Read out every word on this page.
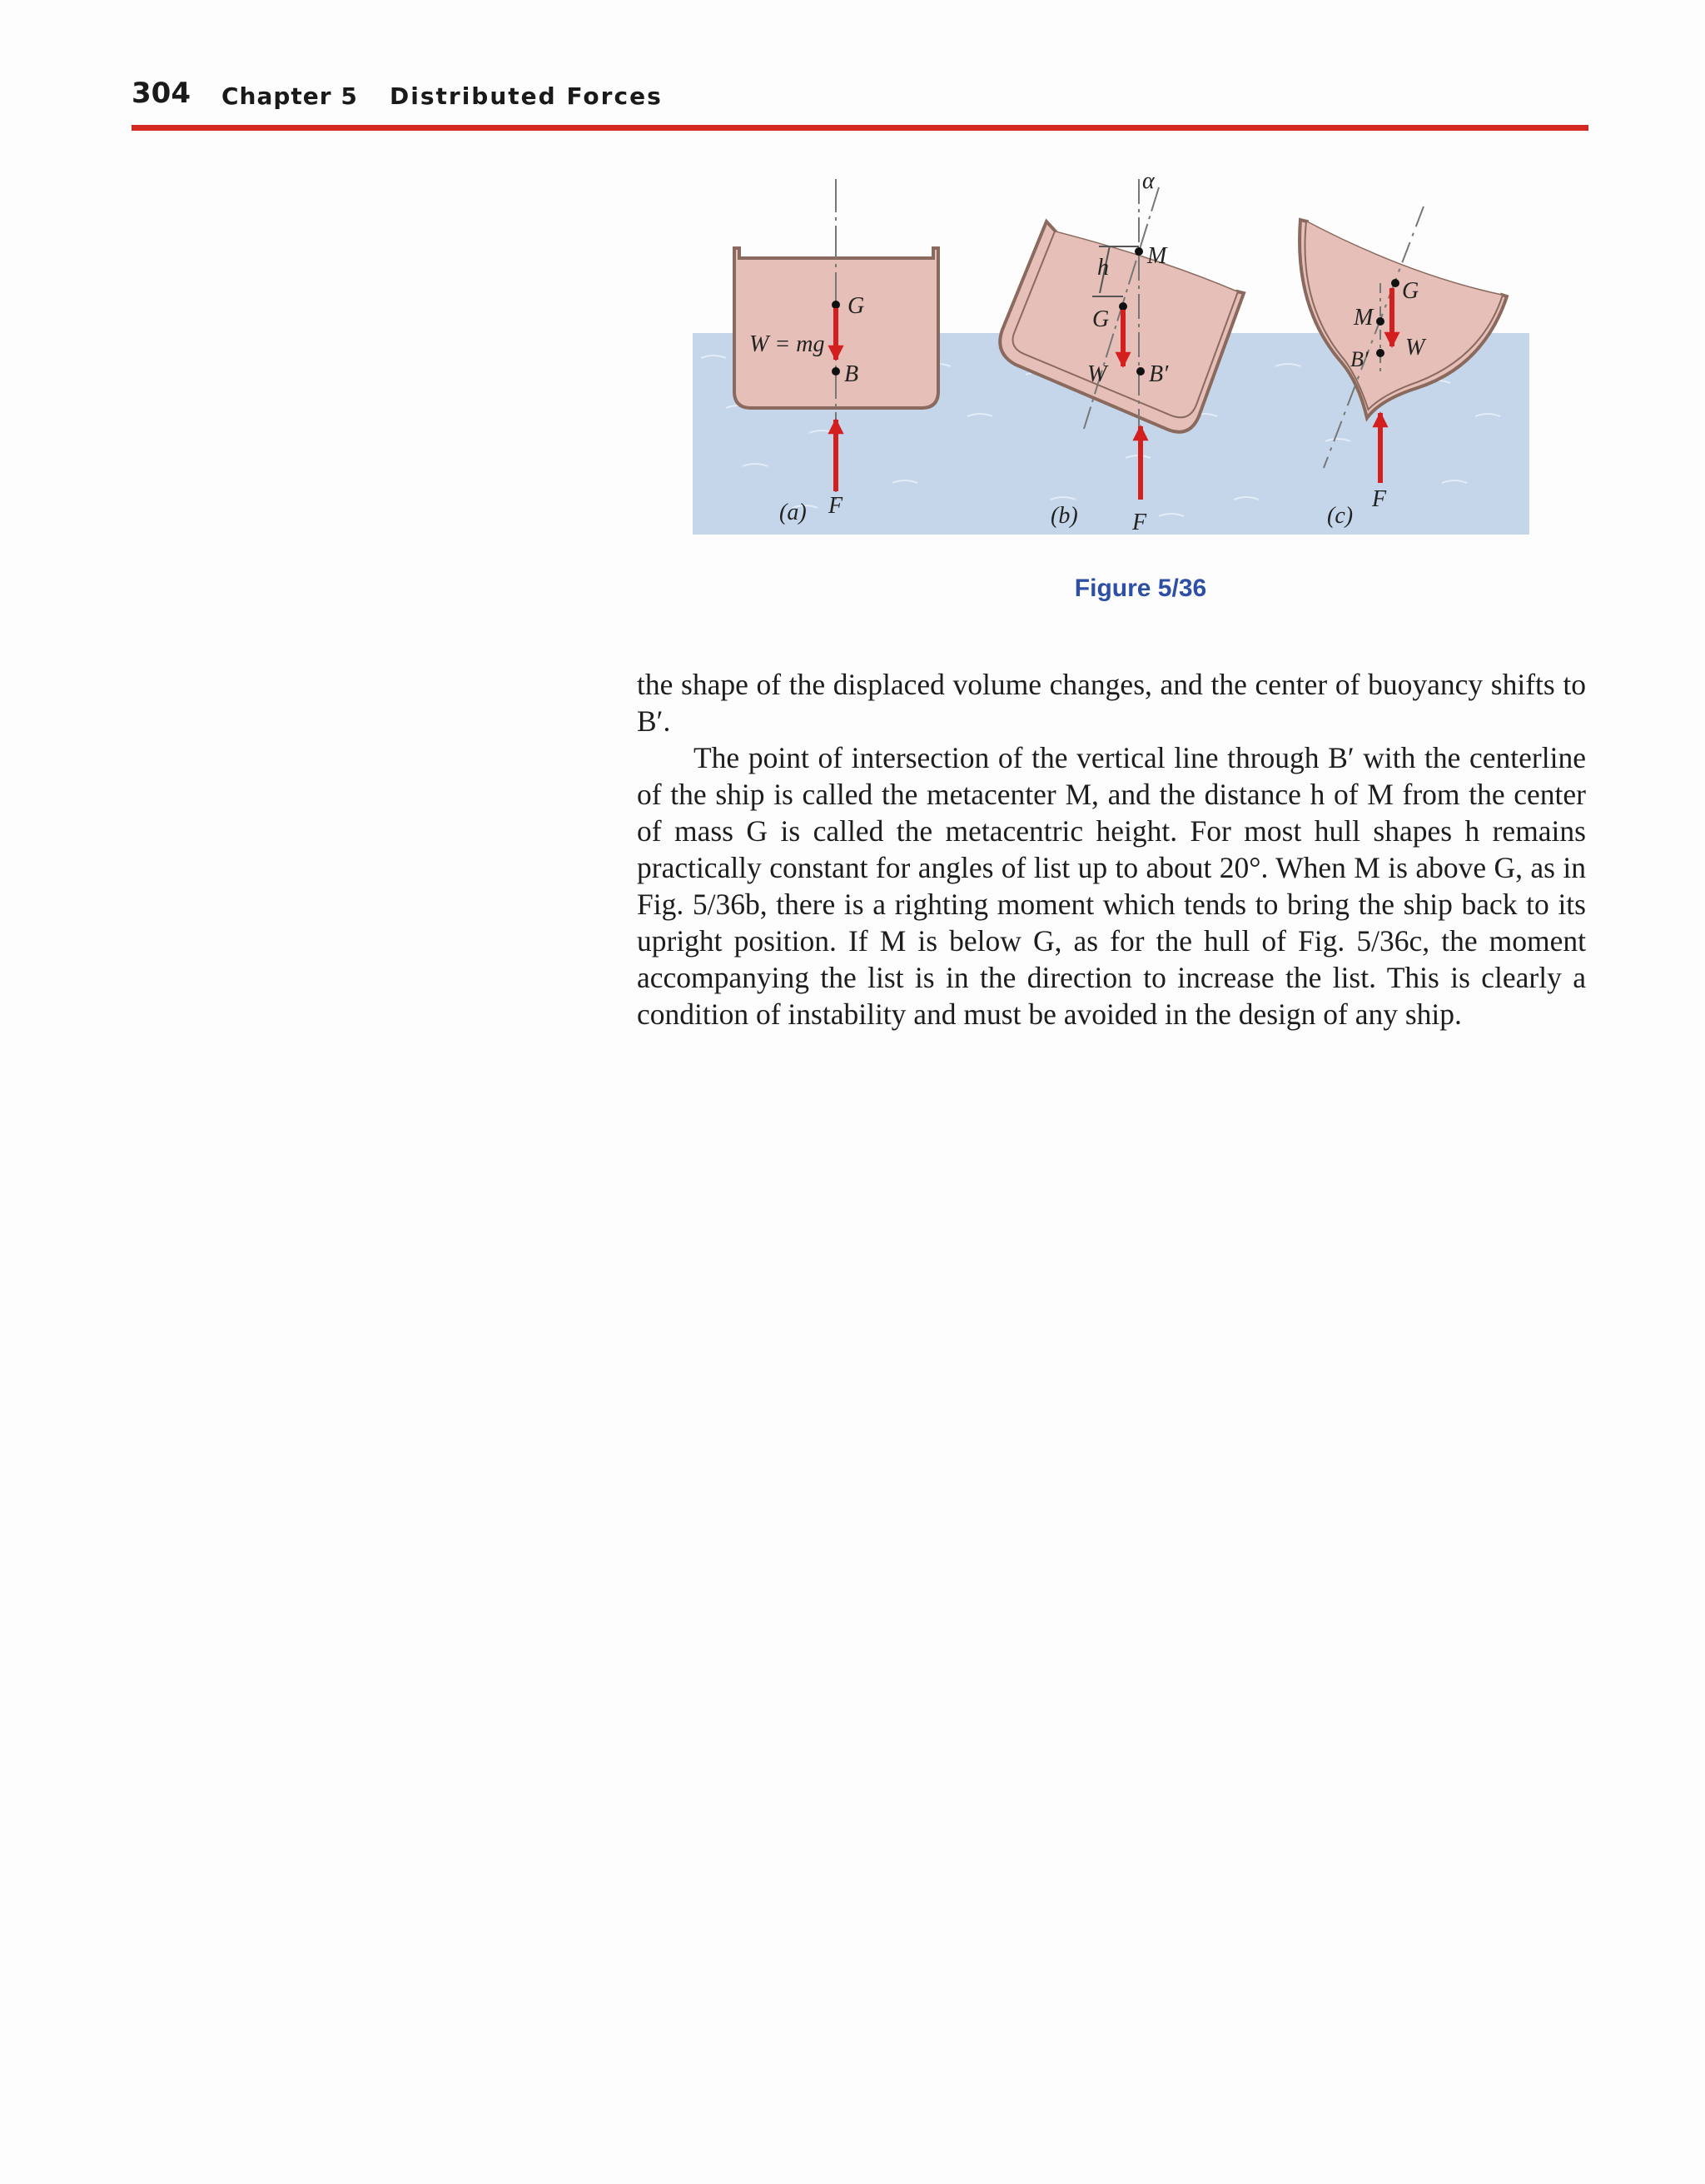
304 Chapter 5 Distributed Forces
G
B
W = mg
F
(a)
α
h M
G
W B′
F
(b)
G
M
B′ W
F
(c)
Figure 5/36

the shape of the displaced volume changes, and the center of buoyancy shifts to B′.

The point of intersection of the vertical line through B′ with the centerline of the ship is called the metacenter M, and the distance h of M from the center of mass G is called the metacentric height. For most hull shapes h remains practically constant for angles of list up to about 20°. When M is above G, as in Fig. 5/36b, there is a righting moment which tends to bring the ship back to its upright position. If M is below G, as for the hull of Fig. 5/36c, the moment accompanying the list is in the direction to increase the list. This is clearly a condition of instability and must be avoided in the design of any ship.
